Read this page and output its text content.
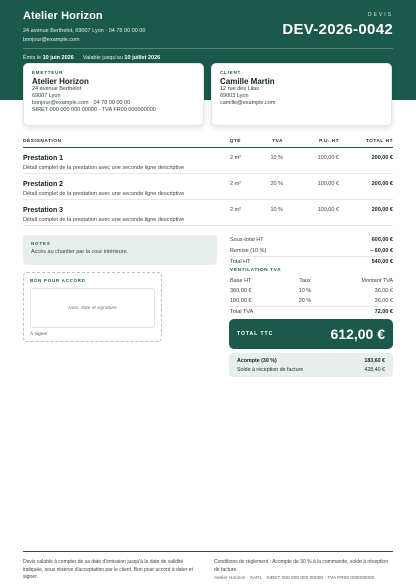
Atelier Horizon
24 avenue Berthelot, 69007 Lyon · 04 78 00 00 00
bonjour@example.com
DEVIS
DEV-2026-0042
Émis le 10 juin 2026 Valable jusqu’au 10 juillet 2026
ÉMETTEUR
Atelier Horizon
24 avenue Berthelot
69007 Lyon
bonjour@example.com · 04 78 00 00 00
SIRET 000 000 000 00000 · TVA FR00 000000000
CLIENT
Camille Martin
12 rue des Lilas
69003 Lyon
camille@example.com
DÉSIGNATION	QTÉ	TVA	P.U. HT	TOTAL HT

Prestation 1
Détail complet de la prestation avec une seconde ligne descriptive	2 m²	10 %	100,00 €	200,00 €

Prestation 2
Détail complet de la prestation avec une seconde ligne descriptive	2 m²	20 %	100,00 €	200,00 €

Prestation 3
Détail complet de la prestation avec une seconde ligne descriptive	2 m²	10 %	100,00 €	200,00 €
NOTES
Accès au chantier par la cour intérieure.
BON POUR ACCORD
Nom, date et signature
À signer
Sous-total HT	600,00 €
Remise (10 %)	– 60,00 €
Total HT	540,00 €
VENTILATION TVA
Base HT	Taux	Montant TVA
360,00 €	10 %	36,00 €
180,00 €	20 %	36,00 €
Total TVA	72,00 €
TOTAL TTC	612,00 €
Acompte (30 %)	183,60 €
Solde à réception de facture	428,40 €
Devis valable à compter de sa date d'émission jusqu'à la date de validité indiquée, sous réserve d'acceptation par le client. Bon pour accord à dater et signer.
Conditions de règlement : Acompte de 30 % à la commande, solde à réception de facture.
Atelier Horizon · SARL · SIRET 000 000 000 00000 · TVA FR00 000000000
